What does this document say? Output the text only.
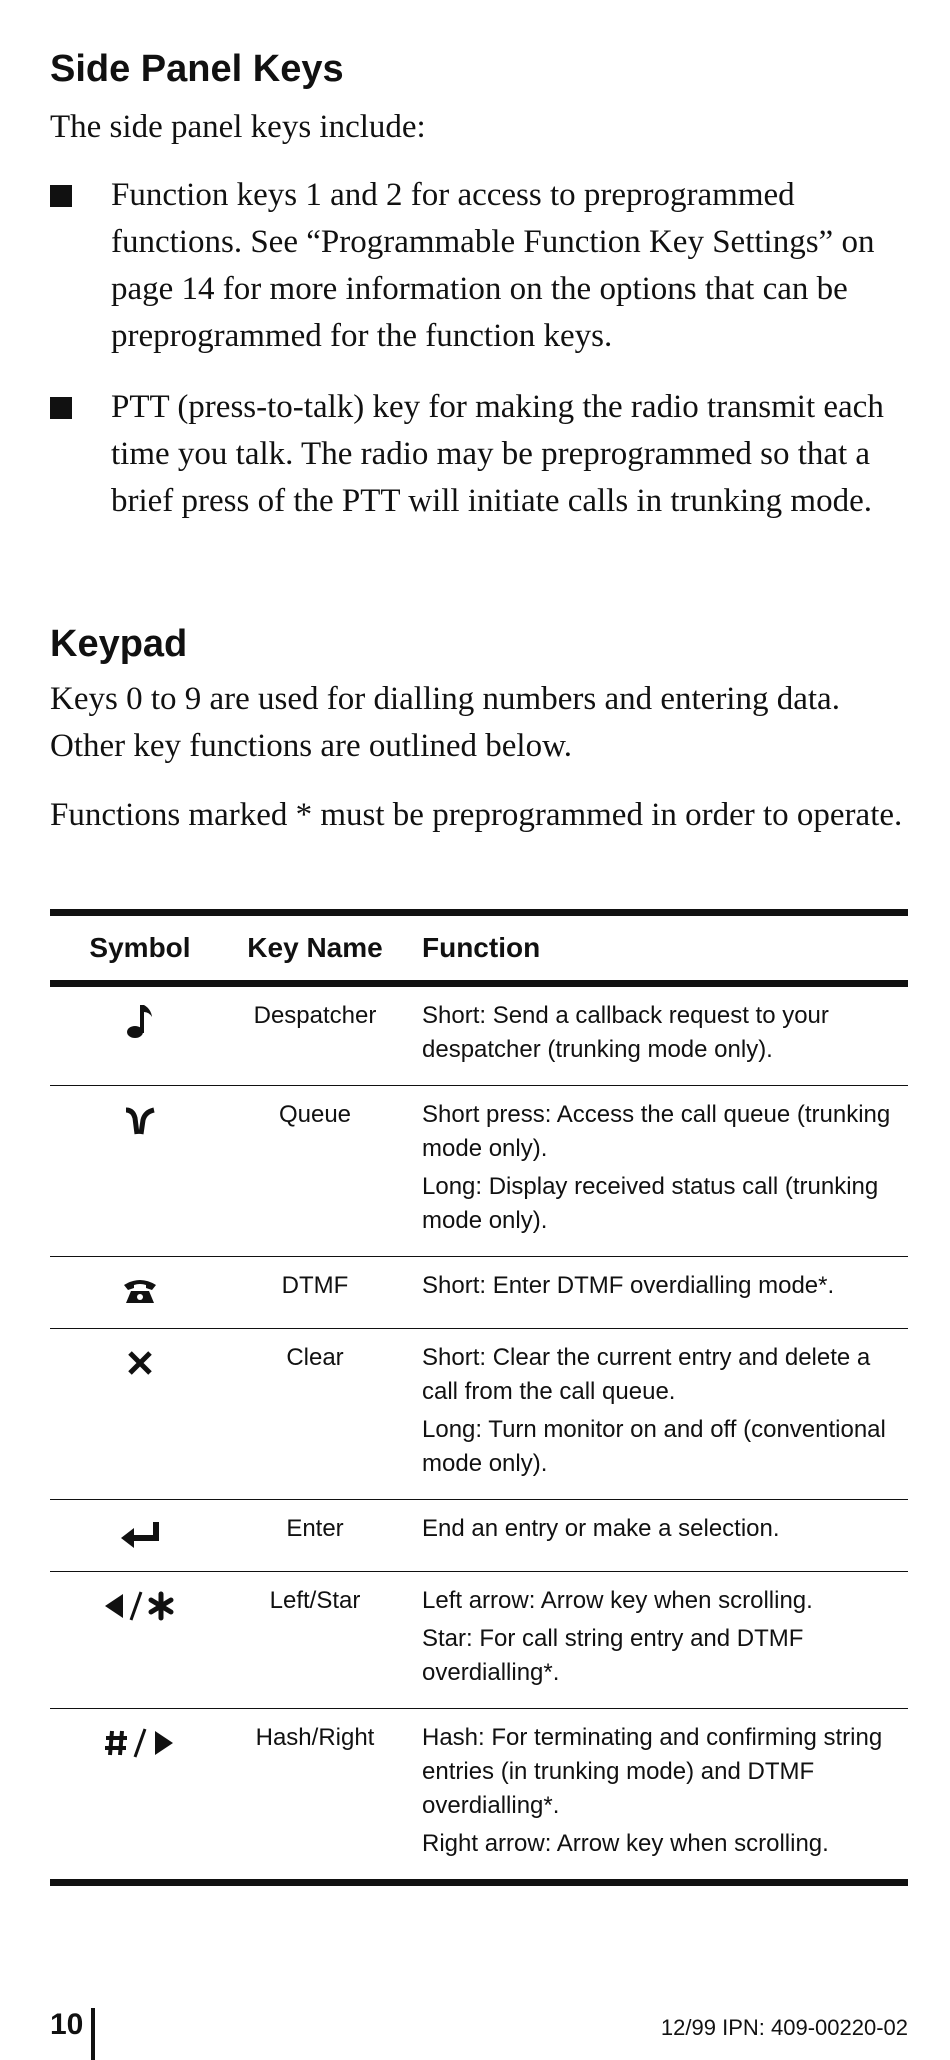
Side Panel Keys

The side panel keys include:

Function keys 1 and 2 for access to preprogrammed functions. See “Programmable Function Key Settings” on page 14 for more information on the options that can be preprogrammed for the function keys.
PTT (press-to-talk) key for making the radio transmit each time you talk. The radio may be preprogrammed so that a brief press of the PTT will initiate calls in trunking mode.
Keypad

Keys 0 to 9 are used for dialling numbers and entering data. Other key functions are outlined below.

Functions marked * must be preprogrammed in order to operate.

Symbol	Key Name	Function
	Despatcher	Short: Send a callback request to your despatcher (trunking mode only).

	Queue	Short press: Access the call queue (trunking mode only).
Long: Display received status call (trunking mode only).

	DTMF	Short: Enter DTMF overdialling mode*.

	Clear	Short: Clear the current entry and delete a call from the call queue.
Long: Turn monitor on and off (conventional mode only).

	Enter	End an entry or make a selection.

	Left/Star	Left arrow: Arrow key when scrolling.
Star: For call string entry and DTMF overdialling*.

	Hash/Right	Hash: For terminating and confirming string entries (in trunking mode) and DTMF overdialling*.
Right arrow: Arrow key when scrolling.
10	12/99 IPN: 409-00220-02
